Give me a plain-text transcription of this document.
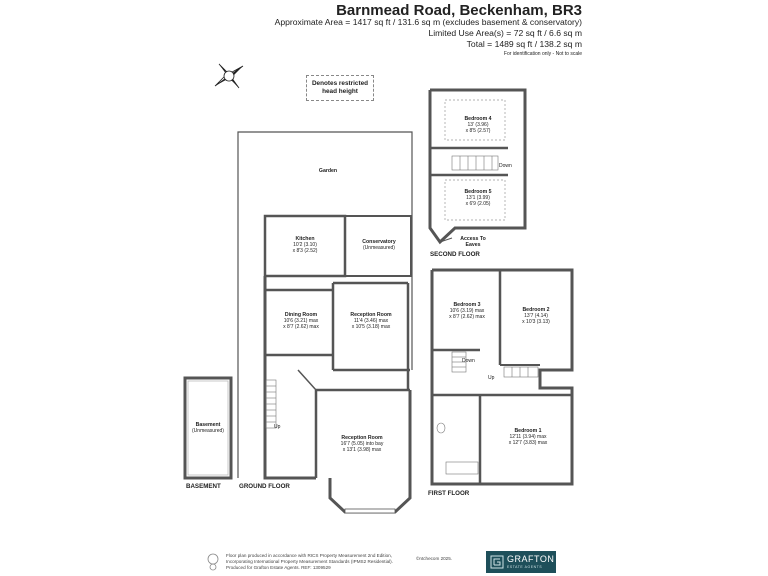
Barnmead Road, Beckenham, BR3
Approximate Area = 1417 sq ft / 131.6 sq m (excludes basement & conservatory)
Limited Use Area(s) = 72 sq ft / 6.6 sq m
Total = 1489 sq ft / 138.2 sq m
For identification only - Not to scale
Denotes restricted
head height
Garden
Kitchen
10'2 (3.10)
x 8'3 (2.52)
Conservatory
(Unmeasured)
Dining Room
10'6 (3.21) max
x 8'7 (2.62) max
Reception Room
11'4 (3.46) max
x 10'5 (3.18) max
Reception Room
16'7 (5.05) into bay
x 13'1 (3.98) max
Basement
(Unmeasured)	Bedroom 1
12'11 (3.94) max
x 12'7 (3.83) max
Bedroom 2
13'7 (4.14)
x 10'3 (3.13)
Bedroom 3
10'6 (3.19) max
x 8'7 (2.62) max
Bedroom 4
13' (3.96)
x 8'5 (2.57)
Bedroom 5
13'1 (3.99)
x 6'9 (2.05)
Access To
Eaves
Up
Down
Up
Down
BASEMENT	GROUND FLOOR
FIRST FLOOR
SECOND FLOOR
Floor plan produced in accordance with RICS Property Measurement 2nd Edition,
Incorporating International Property Measurement Standards (IPMS2 Residential).
Produced for Grafton Estate Agents. REF: 1309529
©ntchecom 2025.	GRAFTON
ESTATE AGENTS
